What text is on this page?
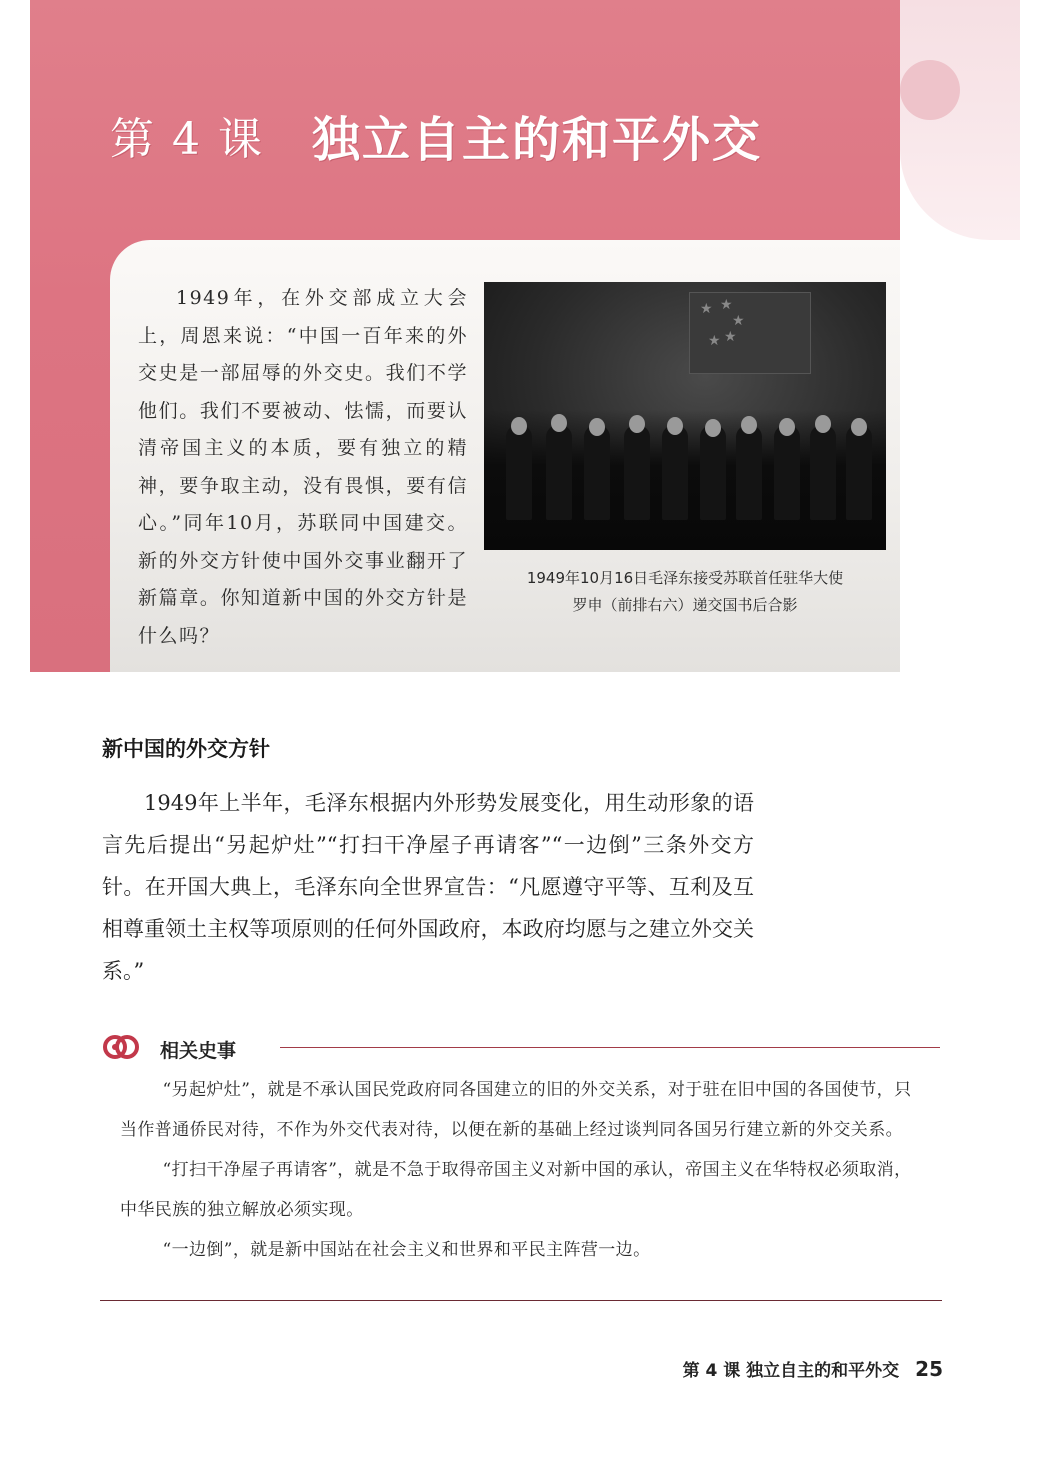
第 4 课 独立自主的和平外交
1949年，在外交部成立大会上，周恩来说：“中国一百年来的外交史是一部屈辱的外交史。我们不学他们。我们不要被动、怯懦，而要认清帝国主义的本质，要有独立的精神，要争取主动，没有畏惧，要有信心。”同年10月，苏联同中国建交。新的外交方针使中国外交事业翻开了新篇章。你知道新中国的外交方针是什么吗？
★ ★
★
★
★
1949年10月16日毛泽东接受苏联首任驻华大使
罗申（前排右六）递交国书后合影
新中国的外交方针

1949年上半年，毛泽东根据内外形势发展变化，用生动形象的语言先后提出“另起炉灶”“打扫干净屋子再请客”“一边倒”三条外交方针。在开国大典上，毛泽东向全世界宣告：“凡愿遵守平等、互利及互相尊重领土主权等项原则的任何外国政府，本政府均愿与之建立外交关系。”

相关史事

“另起炉灶”，就是不承认国民党政府同各国建立的旧的外交关系，对于驻在旧中国的各国使节，只当作普通侨民对待，不作为外交代表对待，以便在新的基础上经过谈判同各国另行建立新的外交关系。

“打扫干净屋子再请客”，就是不急于取得帝国主义对新中国的承认，帝国主义在华特权必须取消，中华民族的独立解放必须实现。

“一边倒”，就是新中国站在社会主义和世界和平民主阵营一边。

第 4 课 独立自主的和平外交 25
